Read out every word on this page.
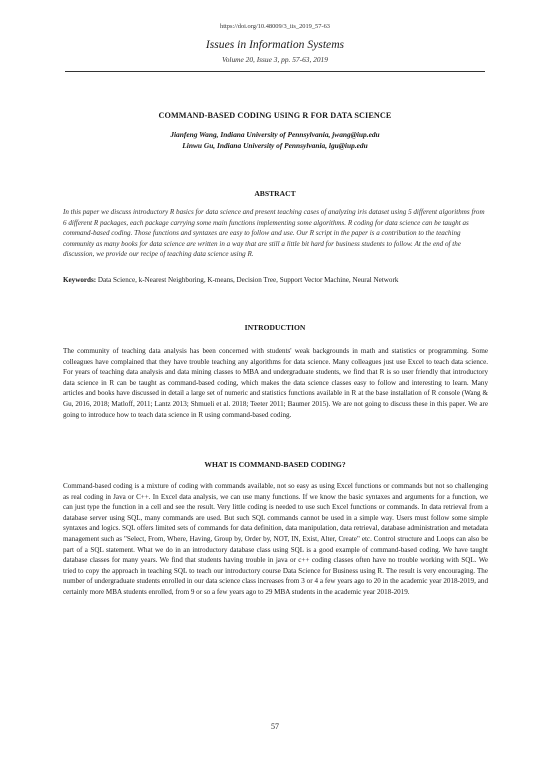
https://doi.org/10.48009/3_iis_2019_57-63
Issues in Information Systems
Volume 20, Issue 3, pp. 57-63, 2019
COMMAND-BASED CODING USING R FOR DATA SCIENCE
Jianfeng Wang, Indiana University of Pennsylvania, jwang@iup.edu
Linwu Gu, Indiana University of Pennsylvania, lgu@iup.edu
ABSTRACT

In this paper we discuss introductory R basics for data science and present teaching cases of analyzing iris dataset using 5 different algorithms from 6 different R packages, each package carrying some main functions implementing some algorithms. R coding for data science can be taught as command-based coding. Those functions and syntaxes are easy to follow and use. Our R script in the paper is a contribution to the teaching community as many books for data science are written in a way that are still a little bit hard for business students to follow. At the end of the discussion, we provide our recipe of teaching data science using R.

Keywords: Data Science, k-Nearest Neighboring, K-means, Decision Tree, Support Vector Machine, Neural Network

INTRODUCTION

The community of teaching data analysis has been concerned with students' weak backgrounds in math and statistics or programming. Some colleagues have complained that they have trouble teaching any algorithms for data science. Many colleagues just use Excel to teach data science. For years of teaching data analysis and data mining classes to MBA and undergraduate students, we find that R is so user friendly that introductory data science in R can be taught as command-based coding, which makes the data science classes easy to follow and interesting to learn. Many articles and books have discussed in detail a large set of numeric and statistics functions available in R at the base installation of R console (Wang & Gu, 2016, 2018; Matloff, 2011; Lantz 2013; Shmueli et al. 2018; Teeter 2011; Baumer 2015). We are not going to discuss these in this paper. We are going to introduce how to teach data science in R using command-based coding.

WHAT IS COMMAND-BASED CODING?

Command-based coding is a mixture of coding with commands available, not so easy as using Excel functions or commands but not so challenging as real coding in Java or C++. In Excel data analysis, we can use many functions. If we know the basic syntaxes and arguments for a function, we can just type the function in a cell and see the result. Very little coding is needed to use such Excel functions or commands. In data retrieval from a database server using SQL, many commands are used. But such SQL commands cannot be used in a simple way. Users must follow some simple syntaxes and logics. SQL offers limited sets of commands for data definition, data manipulation, data retrieval, database administration and metadata management such as "Select, From, Where, Having, Group by, Order by, NOT, IN, Exist, Alter, Create" etc. Control structure and Loops can also be part of a SQL statement. What we do in an introductory database class using SQL is a good example of command-based coding. We have taught database classes for many years. We find that students having trouble in java or c++ coding classes often have no trouble working with SQL. We tried to copy the approach in teaching SQL to teach our introductory course Data Science for Business using R. The result is very encouraging. The number of undergraduate students enrolled in our data science class increases from 3 or 4 a few years ago to 20 in the academic year 2018-2019, and certainly more MBA students enrolled, from 9 or so a few years ago to 29 MBA students in the academic year 2018-2019.

57
